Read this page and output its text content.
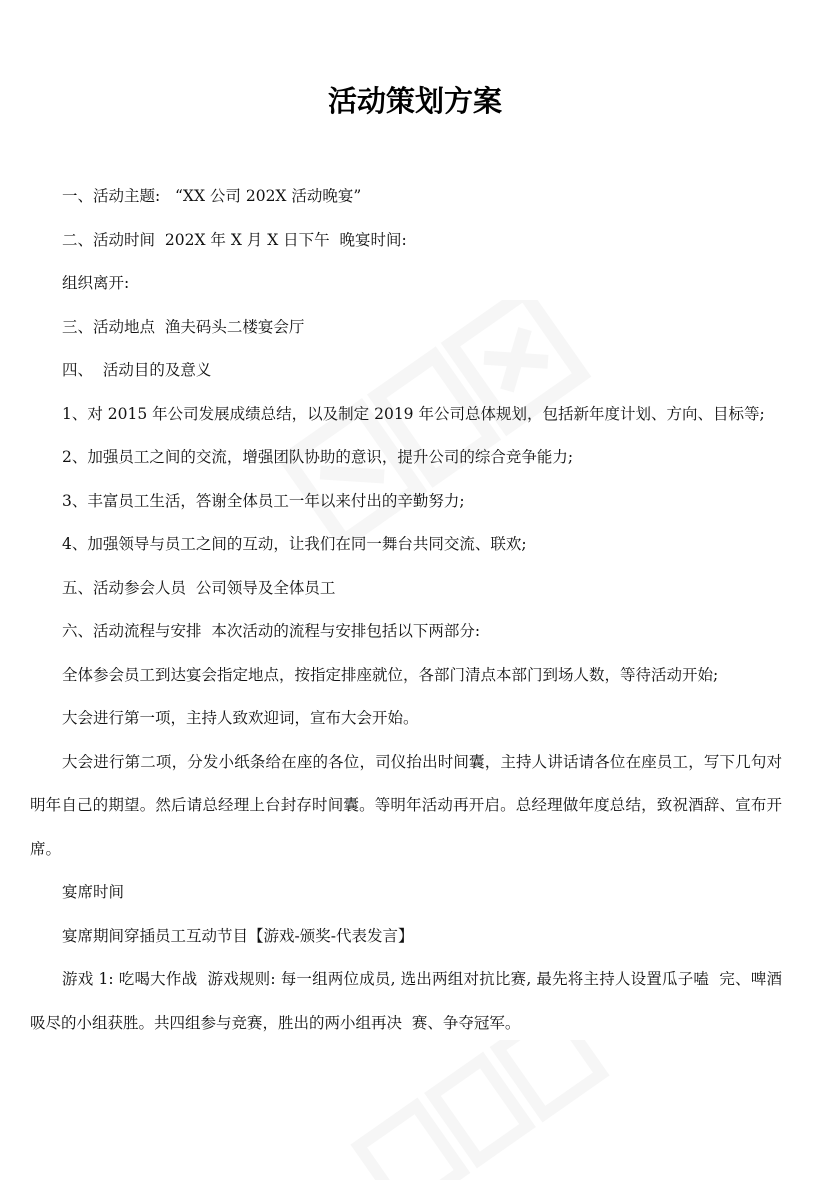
活动策划方案

一、活动主题:   “XX 公司 202X 活动晚宴”

二、活动时间  202X 年 X 月 X 日下午  晚宴时间:

组织离开:

三、活动地点  渔夫码头二楼宴会厅

四、  活动目的及意义

1、对 2015 年公司发展成绩总结，以及制定 2019 年公司总体规划，包括新年度计划、方向、目标等;

2、加强员工之间的交流，增强团队协助的意识，提升公司的综合竞争能力;

3、丰富员工生活，答谢全体员工一年以来付出的辛勤努力;

4、加强领导与员工之间的互动，让我们在同一舞台共同交流、联欢;

五、活动参会人员  公司领导及全体员工

六、活动流程与安排  本次活动的流程与安排包括以下两部分:

全体参会员工到达宴会指定地点，按指定排座就位，各部门清点本部门到场人数，等待活动开始;

大会进行第一项，主持人致欢迎词，宣布大会开始。

大会进行第二项，分发小纸条给在座的各位，司仪抬出时间囊，主持人讲话请各位在座员工，写下几句对明年自己的期望。然后请总经理上台封存时间囊。等明年活动再开启。总经理做年度总结，致祝酒辞、宣布开席。

宴席时间

宴席期间穿插员工互动节目【游戏-颁奖-代表发言】

游戏 1: 吃喝大作战  游戏规则: 每一组两位成员, 选出两组对抗比赛, 最先将主持人设置瓜子嗑  完、啤酒吸尽的小组获胜。共四组参与竞赛，胜出的两小组再决  赛、争夺冠军。
